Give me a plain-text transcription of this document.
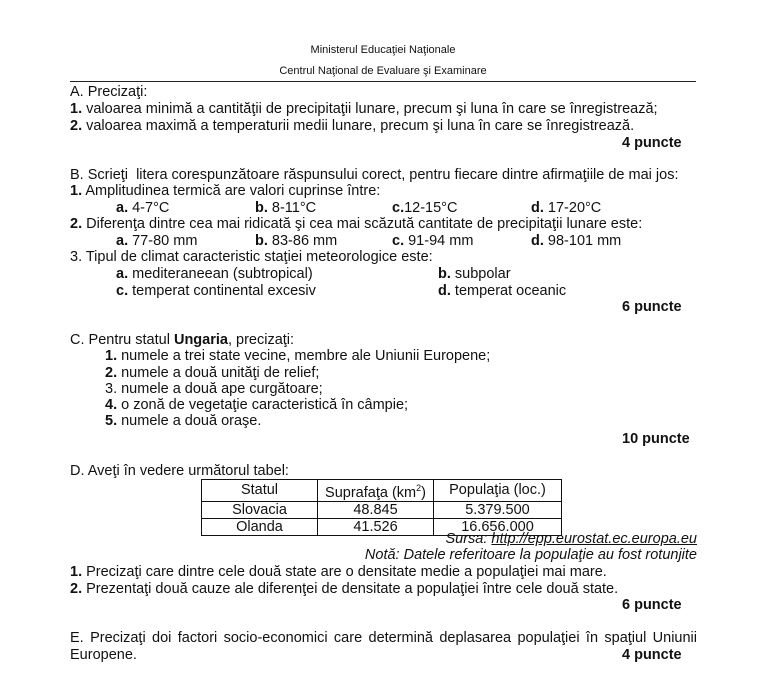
Ministerul Educaţiei Naţionale
Centrul Naţional de Evaluare şi Examinare
A. Precizaţi:
1. valoarea minimă a cantităţii de precipitaţii lunare, precum şi luna în care se înregistrează;
2. valoarea maximă a temperaturii medii lunare, precum şi luna în care se înregistrează.
4 puncte
B. Scrieţi  litera corespunzătoare răspunsului corect, pentru fiecare dintre afirmaţiile de mai jos:
1. Amplitudinea termică are valori cuprinse între:
a. 4-7°C	b. 8-11°C	c.12-15°C	d. 17-20°C
2. Diferenţa dintre cea mai ridicată şi cea mai scăzută cantitate de precipitaţii lunare este:
a. 77-80 mm	b. 83-86 mm	c. 91-94 mm	d. 98-101 mm
3. Tipul de climat caracteristic staţiei meteorologice este:
a. mediteraneean (subtropical)	b. subpolar
c. temperat continental excesiv	d. temperat oceanic
6 puncte
C. Pentru statul Ungaria, precizaţi:
1. numele a trei state vecine, membre ale Uniunii Europene;
2. numele a două unităţi de relief;
3. numele a două ape curgătoare;
4. o zonă de vegetaţie caracteristică în câmpie;
5. numele a două oraşe.
10 puncte
D. Aveţi în vedere următorul tabel:
Statul	Suprafaţa $(km^2)$	Populaţia (loc.)
Slovacia	48.845	5.379.500
Olanda	41.526	16.656.000
Sursa: http://epp.eurostat.ec.europa.eu
Notă: Datele referitoare la populaţie au fost rotunjite
1. Precizaţi care dintre cele două state are o densitate medie a populaţiei mai mare.
2. Prezentaţi două cauze ale diferenţei de densitate a populaţiei între cele două state.
6 puncte
E. Precizaţi doi factori socio-economici care determină deplasarea populaţiei în spaţiul Uniunii
Europene.	4 puncte
